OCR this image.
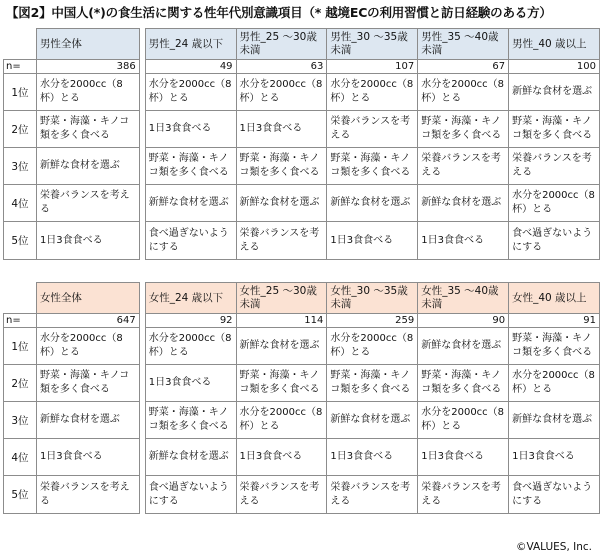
【図2】中国人(*)の食生活に関する性年代別意識項目（* 越境ECの利用習慣と訪日経験のある方）
	男性全体		男性_24 歳以下	男性_25 ～30歳未満	男性_30 ～35歳未満	男性_35 ～40歳未満	男性_40 歳以上
n=	386		49	63	107	67	100
1位	水分を2000cc（8杯）とる		水分を2000cc（8杯）とる	水分を2000cc（8杯）とる	水分を2000cc（8杯）とる	水分を2000cc（8杯）とる	新鮮な食材を選ぶ
2位	野菜・海藻・キノコ類を多く食べる		1日3食食べる	1日3食食べる	栄養バランスを考える	野菜・海藻・キノコ類を多く食べる	野菜・海藻・キノコ類を多く食べる
3位	新鮮な食材を選ぶ		野菜・海藻・キノコ類を多く食べる	野菜・海藻・キノコ類を多く食べる	野菜・海藻・キノコ類を多く食べる	栄養バランスを考える	栄養バランスを考える
4位	栄養バランスを考える		新鮮な食材を選ぶ	新鮮な食材を選ぶ	新鮮な食材を選ぶ	新鮮な食材を選ぶ	水分を2000cc（8杯）とる
5位	1日3食食べる		食べ過ぎないようにする	栄養バランスを考える	1日3食食べる	1日3食食べる	食べ過ぎないようにする
	女性全体		女性_24 歳以下	女性_25 ～30歳未満	女性_30 ～35歳未満	女性_35 ～40歳未満	女性_40 歳以上
n=	647		92	114	259	90	91
1位	水分を2000cc（8杯）とる		水分を2000cc（8杯）とる	新鮮な食材を選ぶ	水分を2000cc（8杯）とる	新鮮な食材を選ぶ	野菜・海藻・キノコ類を多く食べる
2位	野菜・海藻・キノコ類を多く食べる		1日3食食べる	野菜・海藻・キノコ類を多く食べる	野菜・海藻・キノコ類を多く食べる	野菜・海藻・キノコ類を多く食べる	水分を2000cc（8杯）とる
3位	新鮮な食材を選ぶ		野菜・海藻・キノコ類を多く食べる	水分を2000cc（8杯）とる	新鮮な食材を選ぶ	水分を2000cc（8杯）とる	新鮮な食材を選ぶ
4位	1日3食食べる		新鮮な食材を選ぶ	1日3食食べる	1日3食食べる	1日3食食べる	1日3食食べる
5位	栄養バランスを考える		食べ過ぎないようにする	栄養バランスを考える	栄養バランスを考える	栄養バランスを考える	食べ過ぎないようにする
©VALUES, Inc.
